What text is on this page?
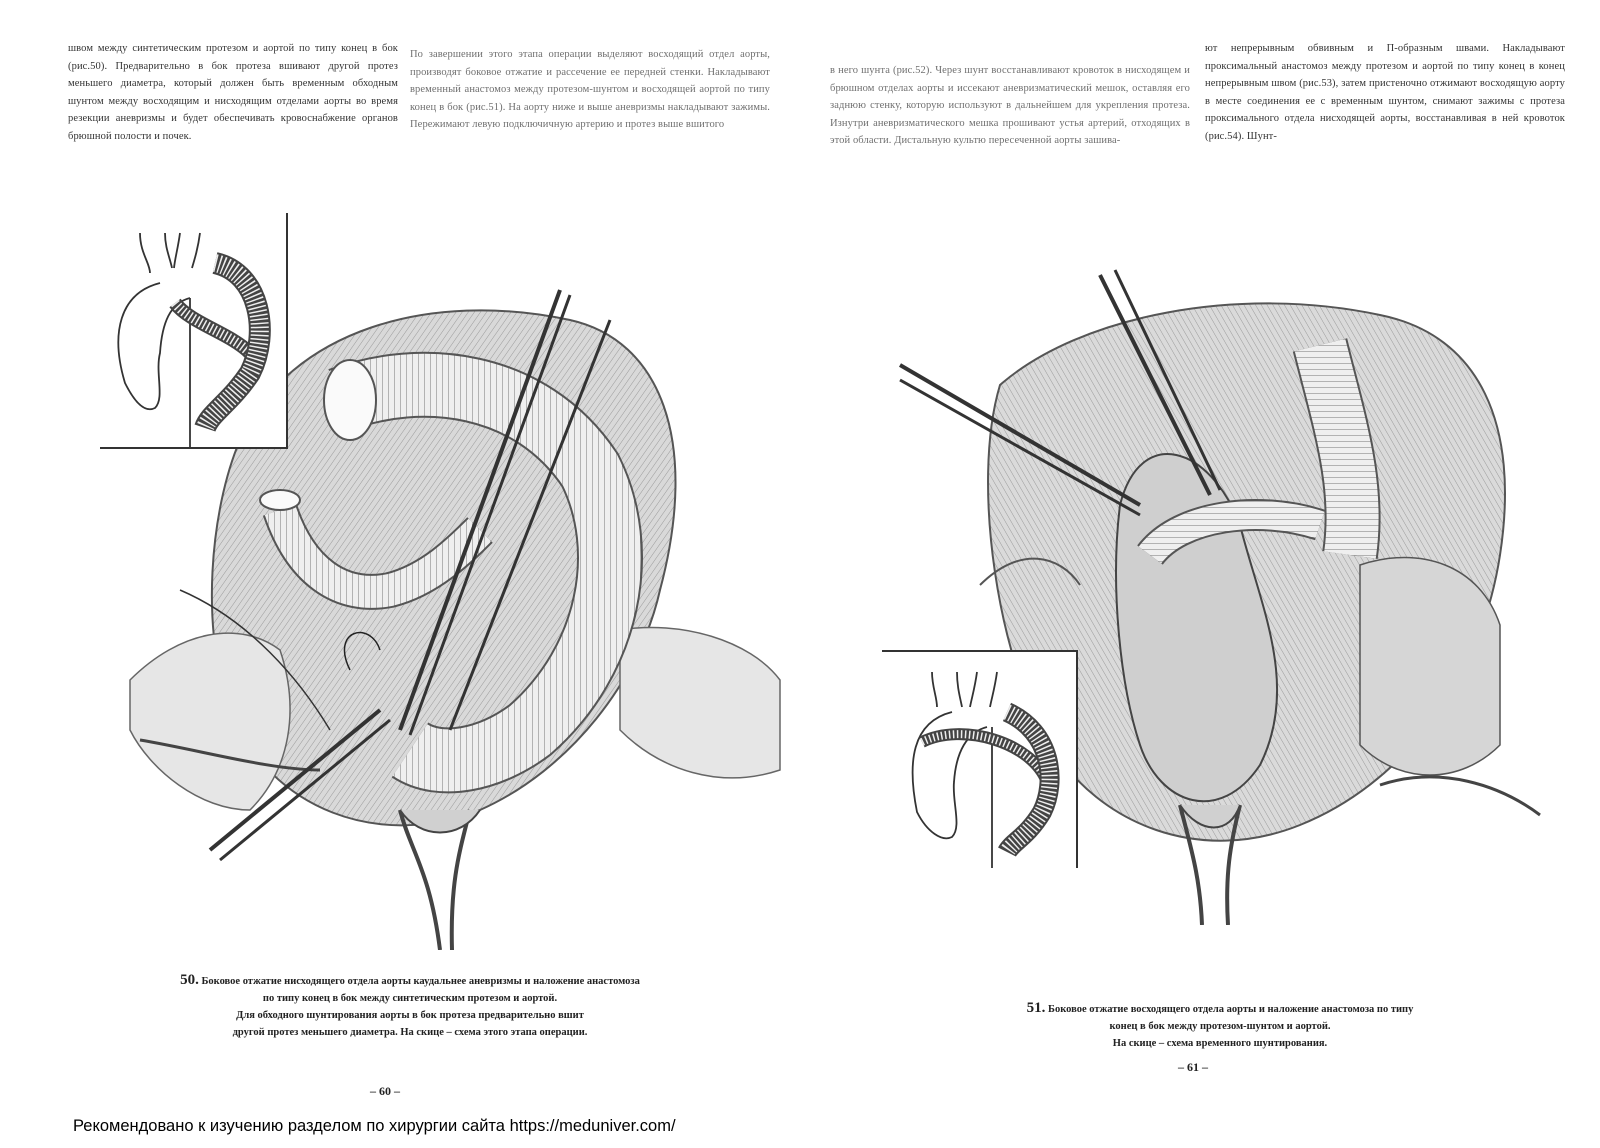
швом между синтетическим протезом и аортой по типу конец в бок (рис.50). Предварительно в бок протеза вшивают другой протез меньшего диаметра, который должен быть временным обходным шунтом между восходящим и нисходящим отделами аорты во время резекции аневризмы и будет обеспечивать кровоснабжение органов брюшной полости и почек.

По завершении этого этапа операции выделяют восходящий отдел аорты, производят боковое отжатие и рассечение ее передней стенки. Накладывают временный анастомоз между протезом-шунтом и восходящей аортой по типу конец в бок (рис.51). На аорту ниже и выше аневризмы накладывают зажимы. Пережимают левую подключичную артерию и протез выше вшитого

50. Боковое отжатие нисходящего отдела аорты каудальнее аневризмы и наложение анастомоза
по типу конец в бок между синтетическим протезом и аортой.
Для обходного шунтирования аорты в бок протеза предварительно вшит
другой протез меньшего диаметра. На скице – схема этого этапа операции.

– 60 –

в него шунта (рис.52). Через шунт восстанавливают кровоток в нисходящем и брюшном отделах аорты и иссекают аневризматический мешок, оставляя его заднюю стенку, которую используют в дальнейшем для укрепления протеза. Изнутри аневризматического мешка прошивают устья артерий, отходящих в этой области. Дистальную культю пересеченной аорты зашива-

ют непрерывным обвивным и П-образным швами. Накладывают проксимальный анастомоз между протезом и аортой по типу конец в конец непрерывным швом (рис.53), затем пристеночно отжимают восходящую аорту в месте соединения ее с временным шунтом, снимают зажимы с протеза проксимального отдела нисходящей аорты, восстанавливая в ней кровоток (рис.54). Шунт-

51. Боковое отжатие восходящего отдела аорты и наложение анастомоза по типу
конец в бок между протезом-шунтом и аортой.
На скице – схема временного шунтирования.

– 61 –
Рекомендовано к изучению разделом по хирургии сайта https://meduniver.com/
